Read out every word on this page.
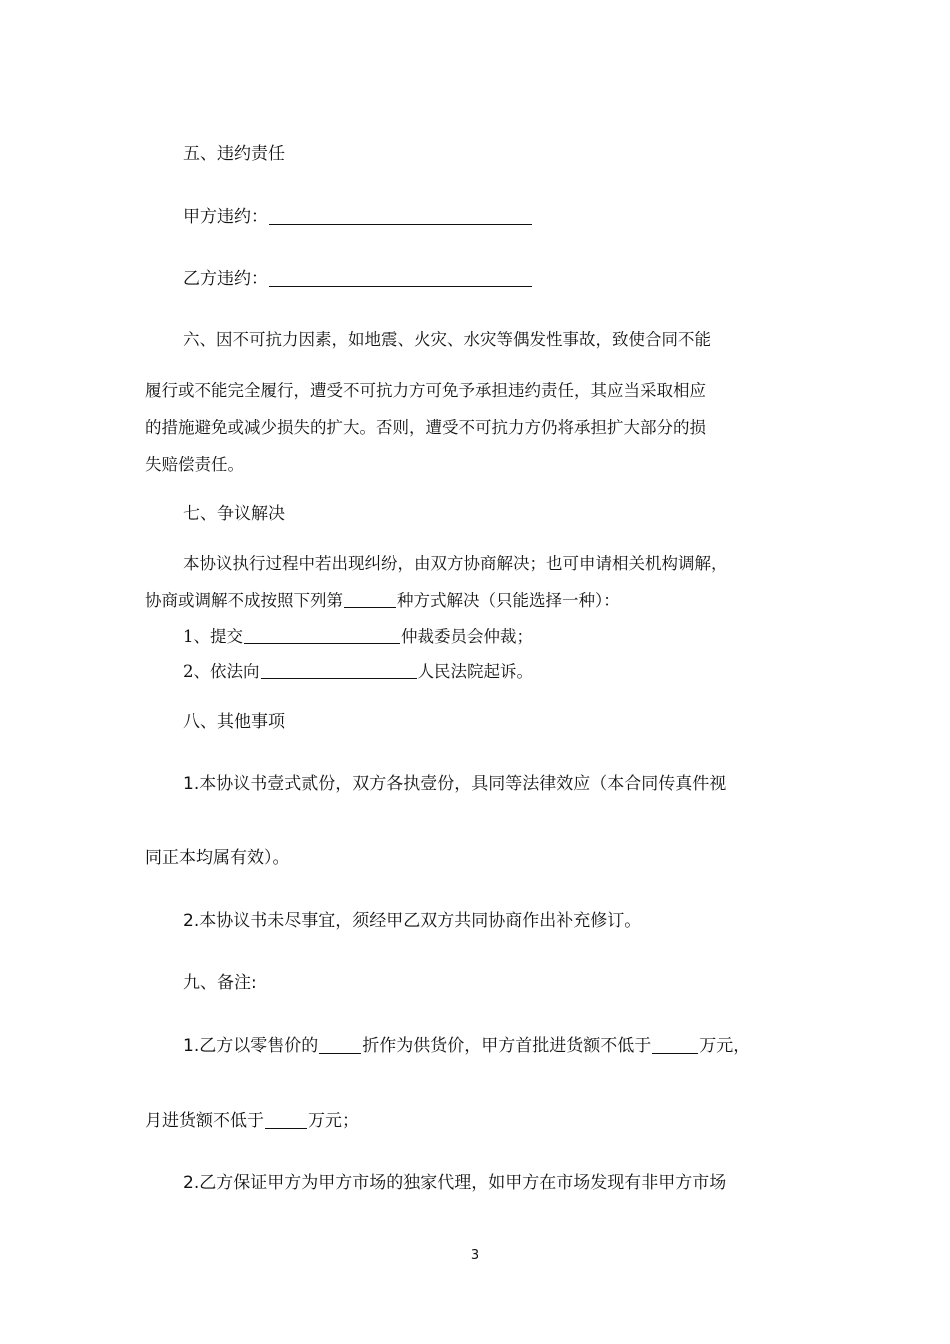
五、违约责任
甲方违约：
乙方违约：
六、因不可抗力因素，如地震、火灾、水灾等偶发性事故，致使合同不能
履行或不能完全履行，遭受不可抗力方可免予承担违约责任，其应当采取相应
的措施避免或减少损失的扩大。否则，遭受不可抗力方仍将承担扩大部分的损
失赔偿责任。
七、争议解决
本协议执行过程中若出现纠纷，由双方协商解决；也可申请相关机构调解，
协商或调解不成按照下列第	种方式解决（只能选择一种）：
1、提交	仲裁委员会仲裁；
2、依法向	人民法院起诉。
八、其他事项
1.本协议书壹式贰份，双方各执壹份，具同等法律效应（本合同传真件视
同正本均属有效）。
2.本协议书未尽事宜，须经甲乙双方共同协商作出补充修订。
九、备注:
1.乙方以零售价的	折作为供货价，甲方首批进货额不低于	万元，
月进货额不低于	万元；
2.乙方保证甲方为甲方市场的独家代理，如甲方在市场发现有非甲方市场
3
